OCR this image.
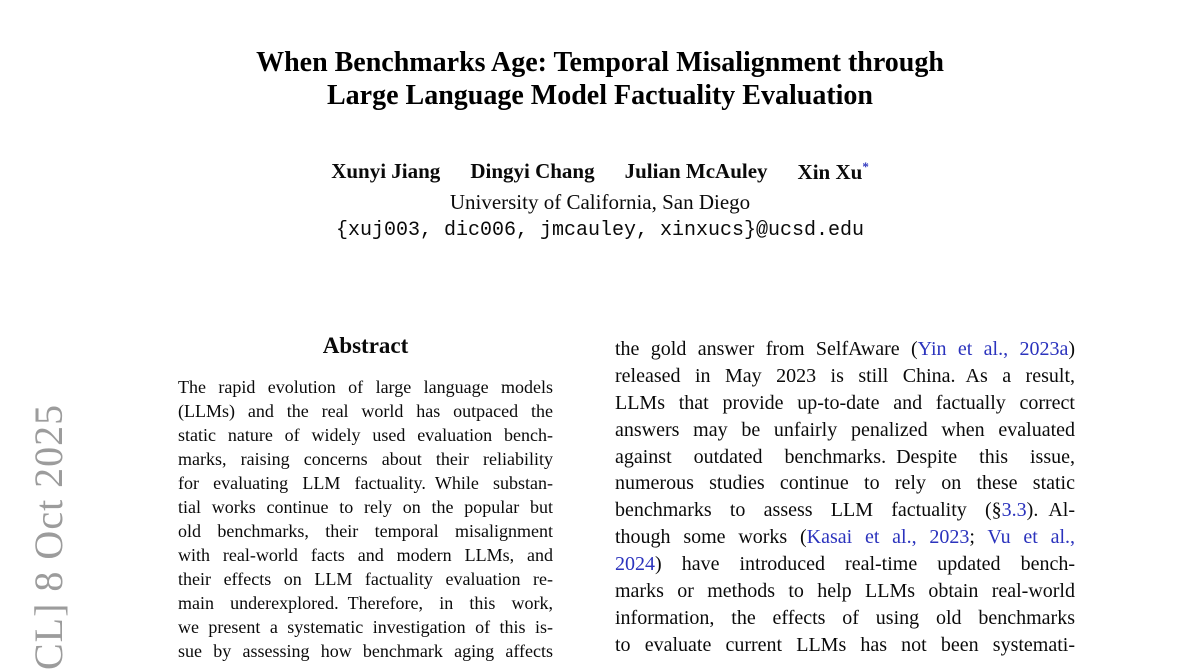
CL] 8 Oct 2025
When Benchmarks Age: Temporal Misalignment through
Large Language Model Factuality Evaluation
Xunyi Jiang Dingyi Chang Julian McAuley Xin Xu*
University of California, San Diego
{xuj003, dic006, jmcauley, xinxucs}@ucsd.edu
Abstract
The rapid evolution of large language models
(LLMs) and the real world has outpaced the
static nature of widely used evaluation bench-
marks, raising concerns about their reliability
for evaluating LLM factuality. While substan-
tial works continue to rely on the popular but
old benchmarks, their temporal misalignment
with real-world facts and modern LLMs, and
their effects on LLM factuality evaluation re-
main underexplored. Therefore, in this work,
we present a systematic investigation of this is-
sue by assessing how benchmark aging affects
the gold answer from SelfAware (Yin et al., 2023a)
released in May 2023 is still China. As a result,
LLMs that provide up-to-date and factually correct
answers may be unfairly penalized when evaluated
against outdated benchmarks. Despite this issue,
numerous studies continue to rely on these static
benchmarks to assess LLM factuality (§3.3). Al-
though some works (Kasai et al., 2023; Vu et al.,
2024) have introduced real-time updated bench-
marks or methods to help LLMs obtain real-world
information, the effects of using old benchmarks
to evaluate current LLMs has not been systemati-
